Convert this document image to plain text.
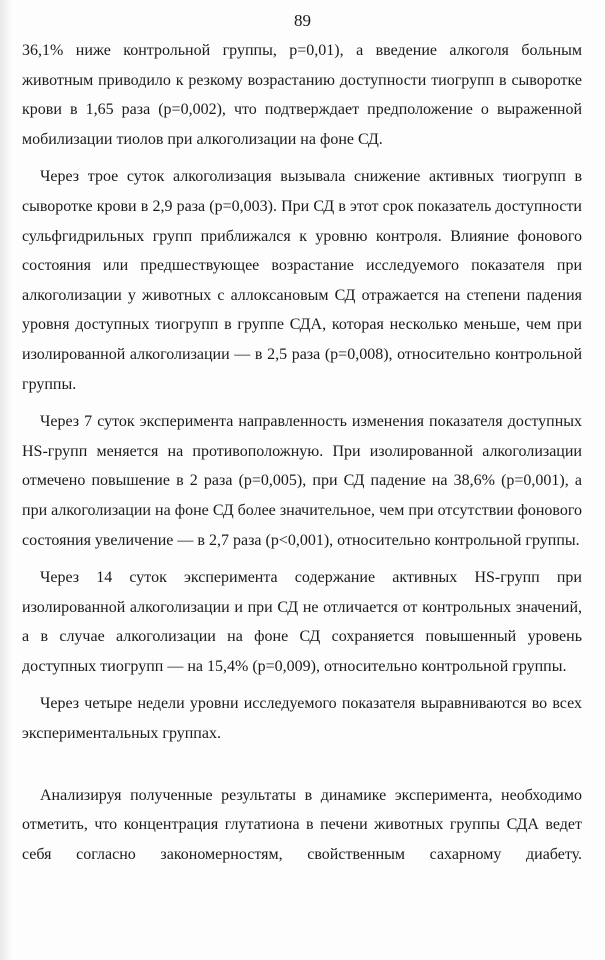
89

36,1% ниже контрольной группы, р=0,01), а введение алкоголя больным животным приводило к резкому возрастанию доступности тиогрупп в сыворотке крови в 1,65 раза (р=0,002), что подтверждает предположение о выраженной мобилизации тиолов при алкоголизации на фоне СД.

Через трое суток алкоголизация вызывала снижение активных тиогрупп в сыворотке крови в 2,9 раза (р=0,003). При СД в этот срок показатель доступности сульфгидрильных групп приближался к уровню контроля. Влияние фонового состояния или предшествующее возрастание исследуемого показателя при алкоголизации у животных с аллоксановым СД отражается на степени падения уровня доступных тиогрупп в группе СДА, которая несколько меньше, чем при изолированной алкоголизации — в 2,5 раза (р=0,008), относительно контрольной группы.

Через 7 суток эксперимента направленность изменения показателя доступных HS-групп меняется на противоположную. При изолированной алкоголизации отмечено повышение в 2 раза (р=0,005), при СД падение на 38,6% (р=0,001), а при алкоголизации на фоне СД более значительное, чем при отсутствии фонового состояния увеличение — в 2,7 раза (р<0,001), относительно контрольной группы.

Через 14 суток эксперимента содержание активных HS-групп при изолированной алкоголизации и при СД не отличается от контрольных значений, а в случае алкоголизации на фоне СД сохраняется повышенный уровень доступных тиогрупп — на 15,4% (р=0,009), относительно контрольной группы.

Через четыре недели уровни исследуемого показателя выравниваются во всех экспериментальных группах.

Анализируя полученные результаты в динамике эксперимента, необходимо отметить, что концентрация глутатиона в печени животных группы СДА ведет себя согласно закономерностям, свойственным сахарному диабету.
